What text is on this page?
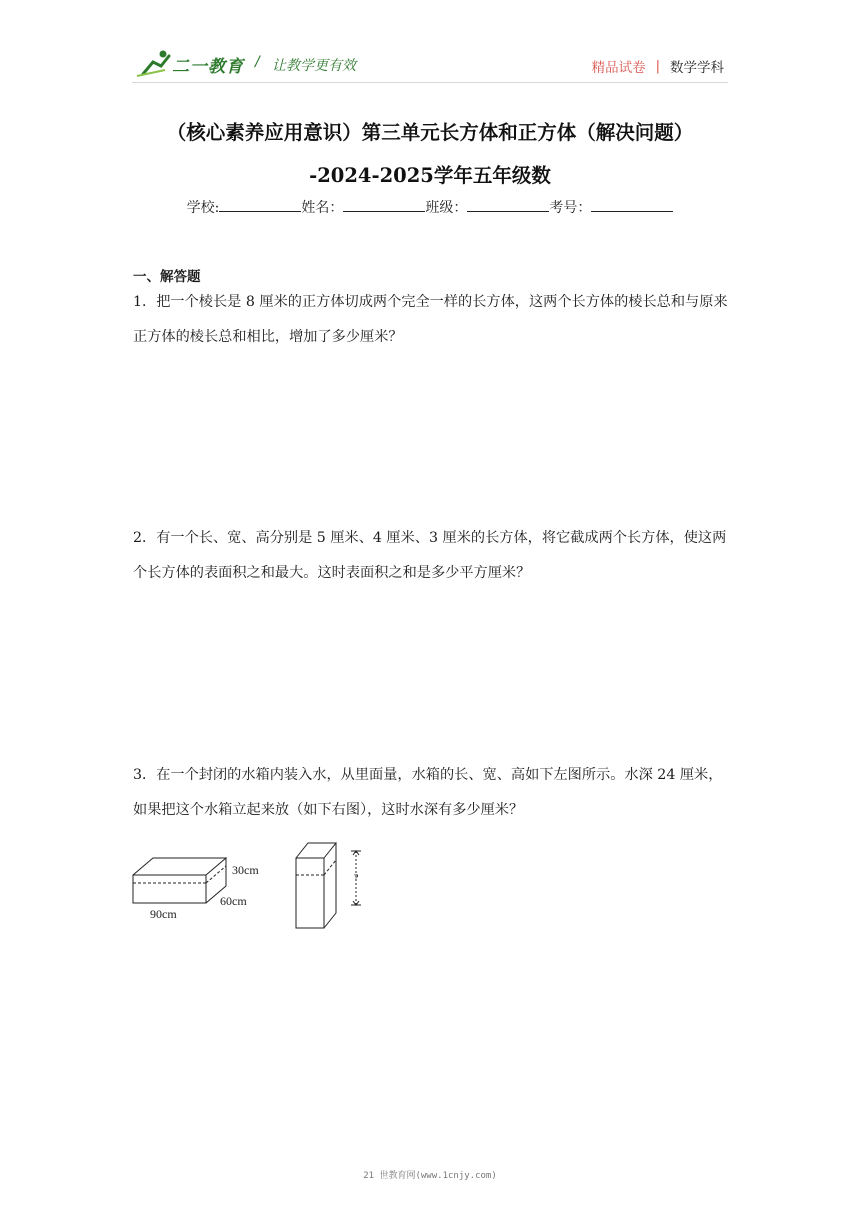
二一教育 / 让教学更有效	精品试卷 | 数学学科
（核心素养应用意识）第三单元长方体和正方体（解决问题）
-2024-2025学年五年级数
学校:	姓名：	班级：	考号：
一、解答题
1．把一个棱长是 8 厘米的正方体切成两个完全一样的长方体，这两个长方体的棱长总和与原来正方体的棱长总和相比，增加了多少厘米？
2．有一个长、宽、高分别是 5 厘米、4 厘米、3 厘米的长方体，将它截成两个长方体，使这两个长方体的表面积之和最大。这时表面积之和是多少平方厘米？
3．在一个封闭的水箱内装入水，从里面量，水箱的长、宽、高如下左图所示。水深 24 厘米，如果把这个水箱立起来放（如下右图），这时水深有多少厘米？
30cm
60cm
90cm
?
21 世教育网(www.1cnjy.com)
